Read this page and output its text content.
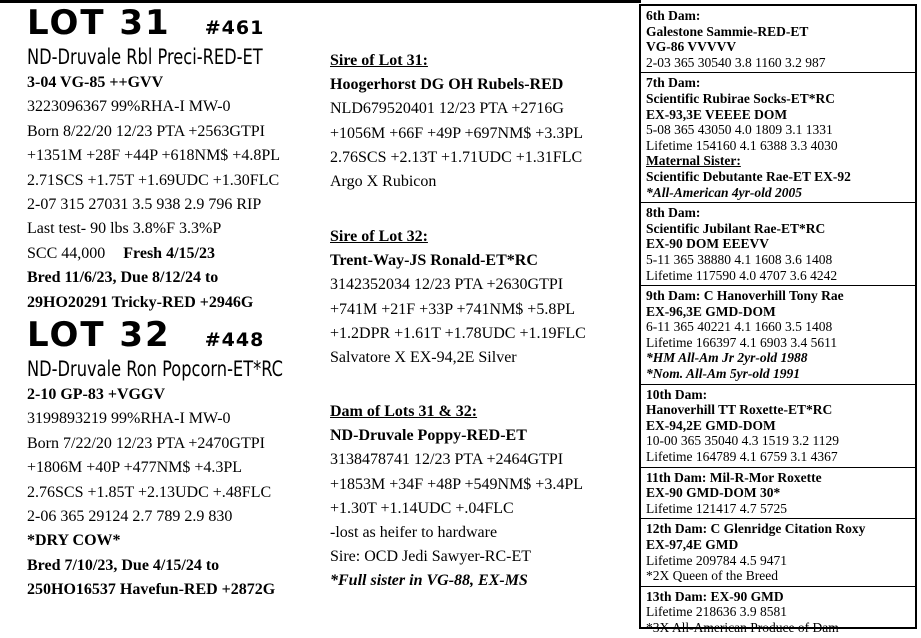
LOT 31 #461
ND-Druvale Rbl Preci-RED-ET
3-04 VG-85 ++GVV
3223096367 99%RHA-I MW-0
Born 8/22/20 12/23 PTA +2563GTPI
+1351M +28F +44P +618NM$ +4.8PL
2.71SCS +1.75T +1.69UDC +1.30FLC
2-07 315 27031 3.5 938 2.9 796 RIP
Last test- 90 lbs 3.8%F 3.3%P
SCC 44,000 Fresh 4/15/23
Bred 11/6/23, Due 8/12/24 to
29HO20291 Tricky-RED +2946G
LOT 32 #448
ND-Druvale Ron Popcorn-ET*RC
2-10 GP-83 +VGGV
3199893219 99%RHA-I MW-0
Born 7/22/20 12/23 PTA +2470GTPI
+1806M +40P +477NM$ +4.3PL
2.76SCS +1.85T +2.13UDC +.48FLC
2-06 365 29124 2.7 789 2.9 830
*DRY COW*
Bred 7/10/23, Due 4/15/24 to
250HO16537 Havefun-RED +2872G
Sire of Lot 31:
Hoogerhorst DG OH Rubels-RED
NLD679520401 12/23 PTA +2716G
+1056M +66F +49P +697NM$ +3.3PL
2.76SCS +2.13T +1.71UDC +1.31FLC
Argo X Rubicon
Sire of Lot 32:
Trent-Way-JS Ronald-ET*RC
3142352034 12/23 PTA +2630GTPI
+741M +21F +33P +741NM$ +5.8PL
+1.2DPR +1.61T +1.78UDC +1.19FLC
Salvatore X EX-94,2E Silver
Dam of Lots 31 & 32:
ND-Druvale Poppy-RED-ET
3138478741 12/23 PTA +2464GTPI
+1853M +34F +48P +549NM$ +3.4PL
+1.30T +1.14UDC +.04FLC
-lost as heifer to hardware
Sire: OCD Jedi Sawyer-RC-ET
*Full sister in VG-88, EX-MS
6th Dam:
Galestone Sammie-RED-ET
VG-86 VVVVV
2-03 365 30540 3.8 1160 3.2 987
7th Dam:
Scientific Rubirae Socks-ET*RC
EX-93,3E VEEEE DOM
5-08 365 43050 4.0 1809 3.1 1331
Lifetime 154160 4.1 6388 3.3 4030
Maternal Sister:
Scientific Debutante Rae-ET EX-92
*All-American 4yr-old 2005
8th Dam:
Scientific Jubilant Rae-ET*RC
EX-90 DOM EEEVV
5-11 365 38880 4.1 1608 3.6 1408
Lifetime 117590 4.0 4707 3.6 4242
9th Dam: C Hanoverhill Tony Rae
EX-96,3E GMD-DOM
6-11 365 40221 4.1 1660 3.5 1408
Lifetime 166397 4.1 6903 3.4 5611
*HM All-Am Jr 2yr-old 1988
*Nom. All-Am 5yr-old 1991
10th Dam:
Hanoverhill TT Roxette-ET*RC
EX-94,2E GMD-DOM
10-00 365 35040 4.3 1519 3.2 1129
Lifetime 164789 4.1 6759 3.1 4367
11th Dam: Mil-R-Mor Roxette
EX-90 GMD-DOM 30*
Lifetime 121417 4.7 5725
12th Dam: C Glenridge Citation Roxy
EX-97,4E GMD
Lifetime 209784 4.5 9471
*2X Queen of the Breed
13th Dam: EX-90 GMD
Lifetime 218636 3.9 8581
*3X All-American Produce of Dam
